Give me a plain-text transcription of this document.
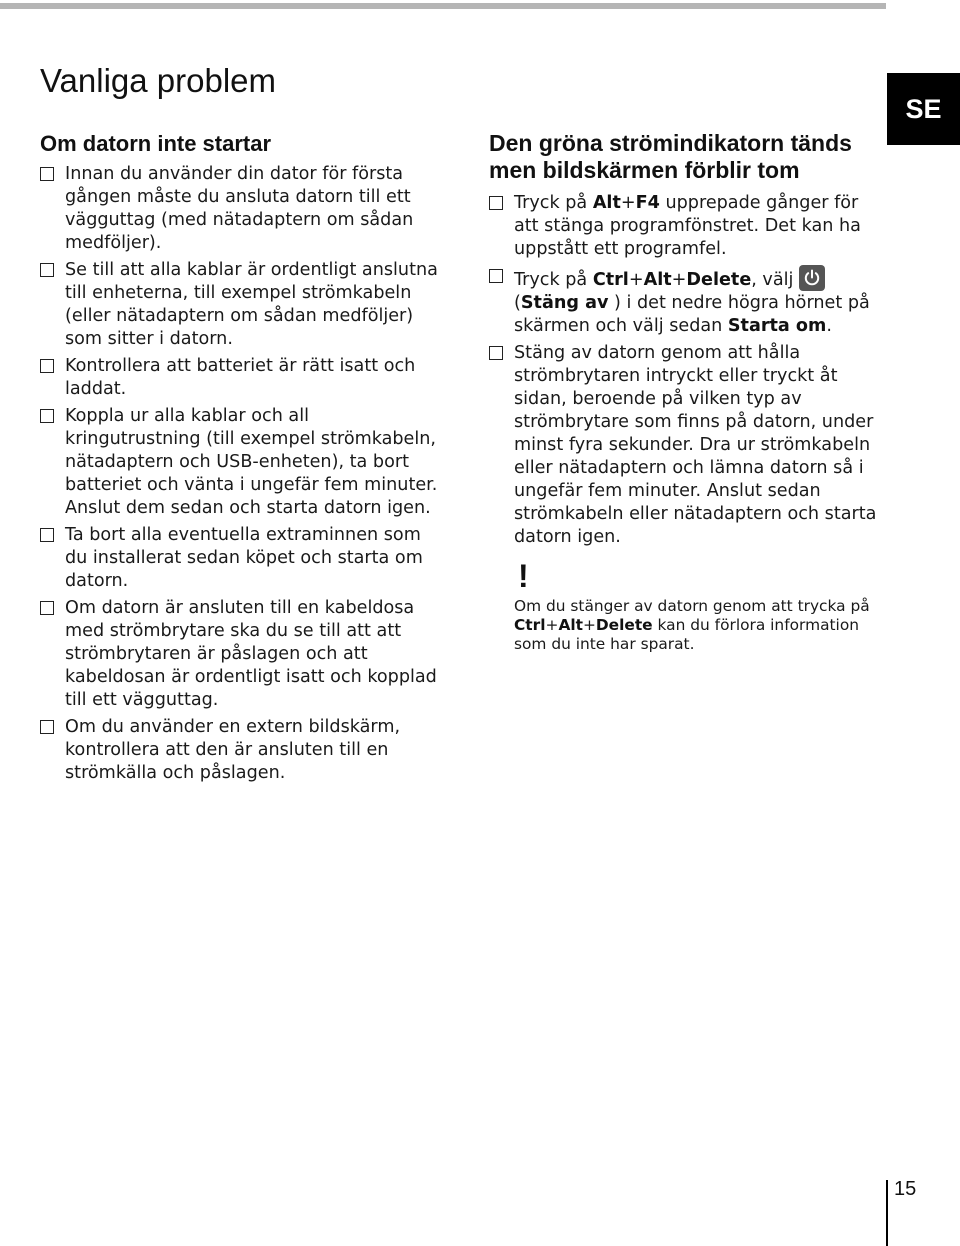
Vanliga problem
SE
Om datorn inte startar
Innan du använder din dator för första gången måste du ansluta datorn till ett vägguttag (med nätadaptern om sådan medföljer).
Se till att alla kablar är ordentligt anslutna till enheterna, till exempel strömkabeln (eller nätadaptern om sådan medföljer) som sitter i datorn.
Kontrollera att batteriet är rätt isatt och laddat.
Koppla ur alla kablar och all kringutrustning (till exempel strömkabeln, nätadaptern och USB-enheten), ta bort batteriet och vänta i ungefär fem minuter. Anslut dem sedan och starta datorn igen.
Ta bort alla eventuella extraminnen som du installerat sedan köpet och starta om datorn.
Om datorn är ansluten till en kabeldosa med strömbrytare ska du se till att att strömbrytaren är påslagen och att kabeldosan är ordentligt isatt och kopplad till ett vägguttag.
Om du använder en extern bildskärm, kontrollera att den är ansluten till en strömkälla och påslagen.
Den gröna strömindikatorn tänds men bildskärmen förblir tom
Tryck på Alt+F4 upprepade gånger för att stänga programfönstret. Det kan ha uppstått ett programfel.
Tryck på Ctrl+Alt+Delete, välj

(Stäng av ) i det nedre högra hörnet på skärmen och välj sedan Starta om.
Stäng av datorn genom att hålla strömbrytaren intryckt eller tryckt åt sidan, beroende på vilken typ av strömbrytare som finns på datorn, under minst fyra sekunder. Dra ur strömkabeln eller nätadaptern och lämna datorn så i ungefär fem minuter. Anslut sedan strömkabeln eller nätadaptern och starta datorn igen.
!

Om du stänger av datorn genom att trycka på Ctrl+Alt+Delete kan du förlora information som du inte har sparat.

15
